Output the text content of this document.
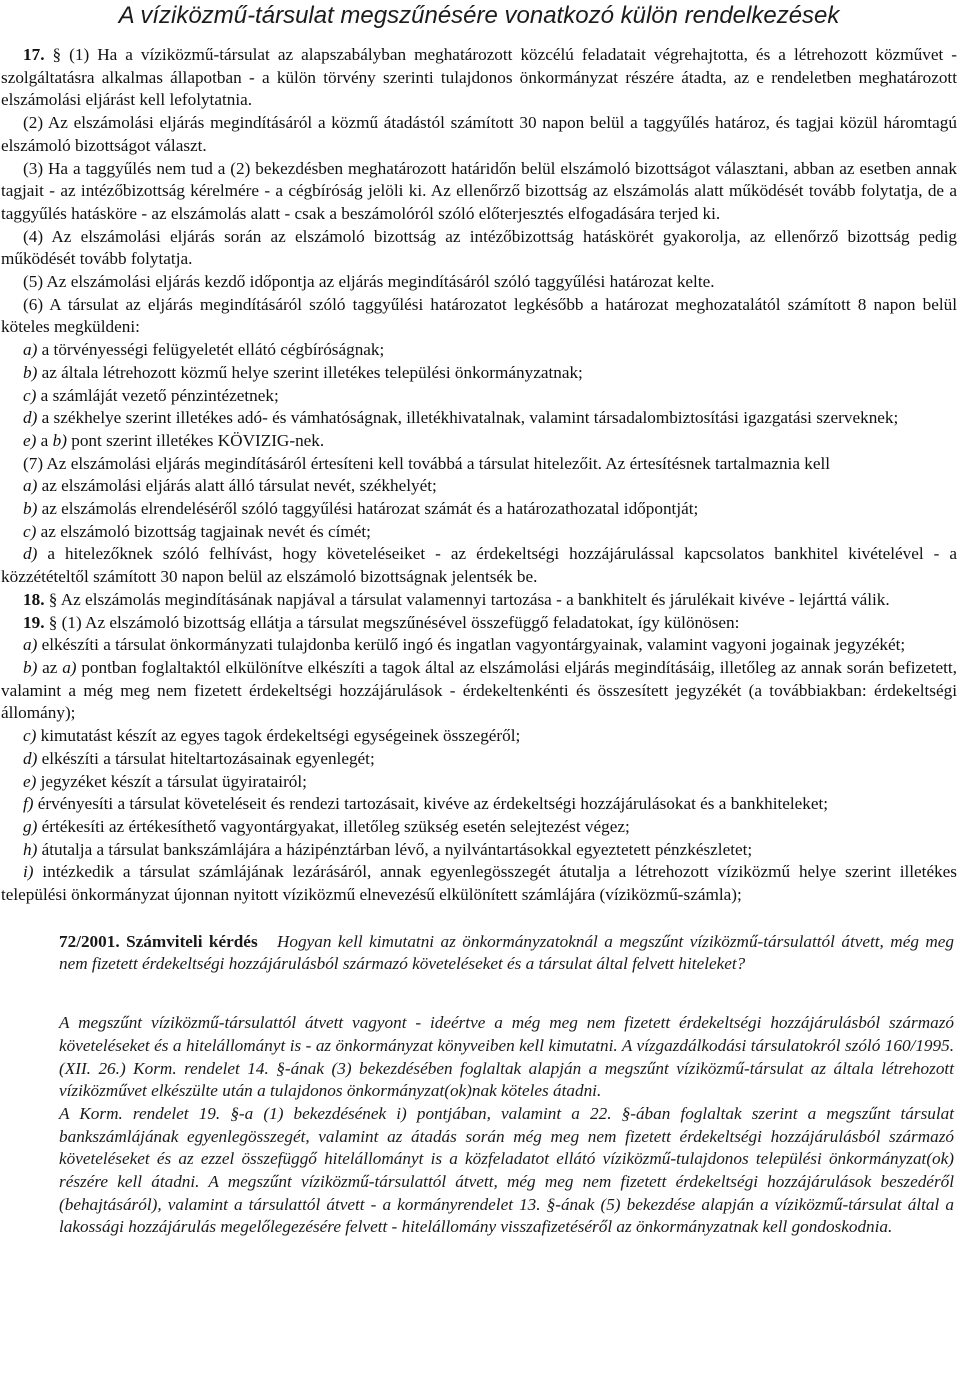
A víziközmű-társulat megszűnésére vonatkozó külön rendelkezések

17. § (1) Ha a víziközmű-társulat az alapszabályban meghatározott közcélú feladatait végrehajtotta, és a létrehozott közművet - szolgáltatásra alkalmas állapotban - a külön törvény szerinti tulajdonos önkormányzat részére átadta, az e rendeletben meghatározott elszámolási eljárást kell lefolytatnia.

(2) Az elszámolási eljárás megindításáról a közmű átadástól számított 30 napon belül a taggyűlés határoz, és tagjai közül háromtagú elszámoló bizottságot választ.

(3) Ha a taggyűlés nem tud a (2) bekezdésben meghatározott határidőn belül elszámoló bizottságot választani, abban az esetben annak tagjait - az intézőbizottság kérelmére - a cégbíróság jelöli ki. Az ellenőrző bizottság az elszámolás alatt működését tovább folytatja, de a taggyűlés hatásköre - az elszámolás alatt - csak a beszámolóról szóló előterjesztés elfogadására terjed ki.

(4) Az elszámolási eljárás során az elszámoló bizottság az intézőbizottság hatáskörét gyakorolja, az ellenőrző bizottság pedig működését tovább folytatja.

(5) Az elszámolási eljárás kezdő időpontja az eljárás megindításáról szóló taggyűlési határozat kelte.

(6) A társulat az eljárás megindításáról szóló taggyűlési határozatot legkésőbb a határozat meghozatalától számított 8 napon belül köteles megküldeni:

a) a törvényességi felügyeletét ellátó cégbíróságnak;

b) az általa létrehozott közmű helye szerint illetékes települési önkormányzatnak;

c) a számláját vezető pénzintézetnek;

d) a székhelye szerint illetékes adó- és vámhatóságnak, illetékhivatalnak, valamint társadalombiztosítási igazgatási szerveknek;

e) a b) pont szerint illetékes KÖVIZIG-nek.

(7) Az elszámolási eljárás megindításáról értesíteni kell továbbá a társulat hitelezőit. Az értesítésnek tartalmaznia kell

a) az elszámolási eljárás alatt álló társulat nevét, székhelyét;

b) az elszámolás elrendeléséről szóló taggyűlési határozat számát és a határozathozatal időpontját;

c) az elszámoló bizottság tagjainak nevét és címét;

d) a hitelezőknek szóló felhívást, hogy követeléseiket - az érdekeltségi hozzájárulással kapcsolatos bankhitel kivételével - a közzétételtől számított 30 napon belül az elszámoló bizottságnak jelentsék be.

18. § Az elszámolás megindításának napjával a társulat valamennyi tartozása - a bankhitelt és járulékait kivéve - lejárttá válik.

19. § (1) Az elszámoló bizottság ellátja a társulat megszűnésével összefüggő feladatokat, így különösen:

a) elkészíti a társulat önkormányzati tulajdonba kerülő ingó és ingatlan vagyontárgyainak, valamint vagyoni jogainak jegyzékét;

b) az a) pontban foglaltaktól elkülönítve elkészíti a tagok által az elszámolási eljárás megindításáig, illetőleg az annak során befizetett, valamint a még meg nem fizetett érdekeltségi hozzájárulások - érdekeltenkénti és összesített jegyzékét (a továbbiakban: érdekeltségi állomány);

c) kimutatást készít az egyes tagok érdekeltségi egységeinek összegéről;

d) elkészíti a társulat hiteltartozásainak egyenlegét;

e) jegyzéket készít a társulat ügyiratairól;

f) érvényesíti a társulat követeléseit és rendezi tartozásait, kivéve az érdekeltségi hozzájárulásokat és a bankhiteleket;

g) értékesíti az értékesíthető vagyontárgyakat, illetőleg szükség esetén selejtezést végez;

h) átutalja a társulat bankszámlájára a házipénztárban lévő, a nyilvántartásokkal egyeztetett pénzkészletet;

i) intézkedik a társulat számlájának lezárásáról, annak egyenlegösszegét átutalja a létrehozott víziközmű helye szerint illetékes települési önkormányzat újonnan nyitott víziközmű elnevezésű elkülönített számlájára (víziközmű-számla);

72/2001. Számviteli kérdés Hogyan kell kimutatni az önkormányzatoknál a megszűnt víziközmű-társulattól átvett, még meg nem fizetett érdekeltségi hozzájárulásból származó követeléseket és a társulat által felvett hiteleket?

A megszűnt víziközmű-társulattól átvett vagyont - ideértve a még meg nem fizetett érdekeltségi hozzájárulásból származó követeléseket és a hitelállományt is - az önkormányzat könyveiben kell kimutatni. A vízgazdálkodási társulatokról szóló 160/1995. (XII. 26.) Korm. rendelet 14. §-ának (3) bekezdésében foglaltak alapján a megszűnt víziközmű-társulat az általa létrehozott víziközművet elkészülte után a tulajdonos önkormányzat(ok)nak köteles átadni.

A Korm. rendelet 19. §-a (1) bekezdésének i) pontjában, valamint a 22. §-ában foglaltak szerint a megszűnt társulat bankszámlájának egyenlegösszegét, valamint az átadás során még meg nem fizetett érdekeltségi hozzájárulásból származó követeléseket és az ezzel összefüggő hitelállományt is a közfeladatot ellátó víziközmű-tulajdonos települési önkormányzat(ok) részére kell átadni. A megszűnt víziközmű-társulattól átvett, még meg nem fizetett érdekeltségi hozzájárulások beszedéről (behajtásáról), valamint a társulattól átvett - a kormányrendelet 13. §-ának (5) bekezdése alapján a víziközmű-társulat által a lakossági hozzájárulás megelőlegezésére felvett - hitelállomány visszafizetéséről az önkormányzatnak kell gondoskodnia.
